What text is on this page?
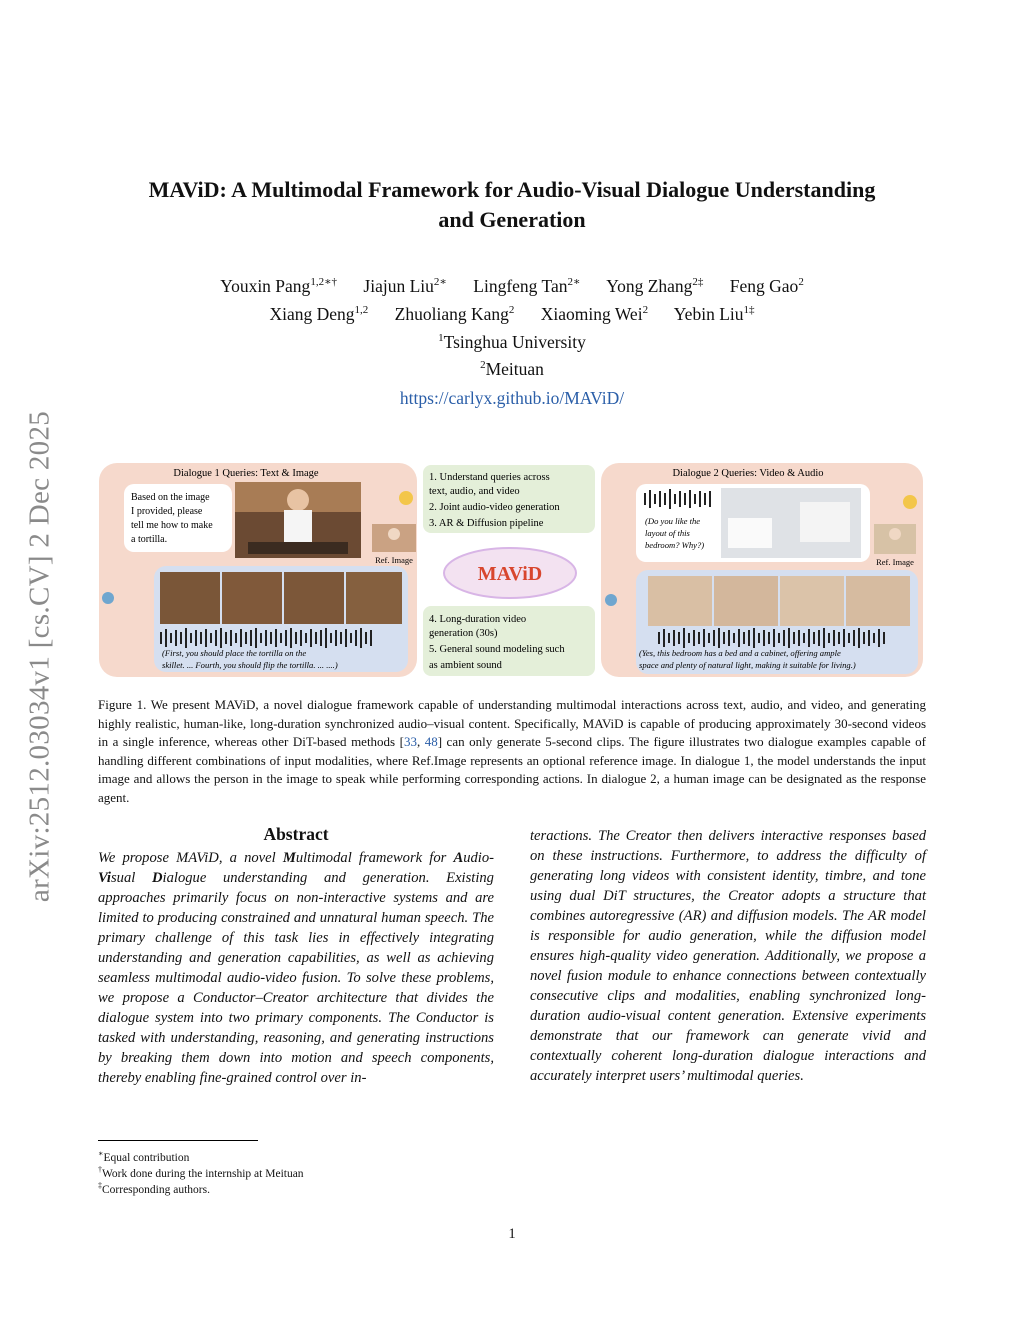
arXiv:2512.03034v1 [cs.CV] 2 Dec 2025
MAViD: A Multimodal Framework for Audio-Visual Dialogue Understanding
and Generation
Youxin Pang$^{1,2∗\dagger}$ Jiajun Liu$^{2∗}$ Lingfeng Tan$^{2∗}$ Yong Zhang$^{2\ddagger}$ Feng Gao$^2$
Xiang Deng$^{1,2}$ Zhuoliang Kang$^2$ Xiaoming Wei$^2$ Yebin Liu$^{1\ddagger}$
$^1$Tsinghua University
$^2$Meituan
https://carlyx.github.io/MAViD/
Dialogue 1 Queries: Text & Image
Based on the image I provided, please tell me how to make a tortilla.
Ref. Image
(First, you should place the tortilla on the skillet. ... Fourth, you should flip the tortilla. ... ....)
1. Understand queries across text, audio, and video 2. Joint audio-video generation 3. AR & Diffusion pipeline
MAViD
4. Long-duration video generation (30s) 5. General sound modeling such as ambient sound
Dialogue 2 Queries: Video & Audio
(Do you like the layout of this bedroom? Why?)
Ref. Image
(Yes, this bedroom has a bed and a cabinet, offering ample space and plenty of natural light, making it suitable for living.)
Figure 1. We present MAViD, a novel dialogue framework capable of understanding multimodal interactions across text, audio, and video, and generating highly realistic, human-like, long-duration synchronized audio–visual content. Specifically, MAViD is capable of producing approximately 30-second videos in a single inference, whereas other DiT-based methods [33, 48] can only generate 5-second clips. The figure illustrates two dialogue examples capable of handling different combinations of input modalities, where Ref.Image represents an optional reference image. In dialogue 1, the model understands the input image and allows the person in the image to speak while performing corresponding actions. In dialogue 2, a human image can be designated as the response agent.
Abstract
We propose MAViD, a novel Multimodal framework for Audio-Visual Dialogue understanding and generation. Existing approaches primarily focus on non-interactive systems and are limited to producing constrained and unnatural human speech. The primary challenge of this task lies in effectively integrating understanding and generation capabilities, as well as achieving seamless multimodal audio-video fusion. To solve these problems, we propose a Conductor–Creator architecture that divides the dialogue system into two primary components. The Conductor is tasked with understanding, reasoning, and generating instructions by breaking them down into motion and speech components, thereby enabling fine-grained control over in-
teractions. The Creator then delivers interactive responses based on these instructions. Furthermore, to address the difficulty of generating long videos with consistent identity, timbre, and tone using dual DiT structures, the Creator adopts a structure that combines autoregressive (AR) and diffusion models. The AR model is responsible for audio generation, while the diffusion model ensures high-quality video generation. Additionally, we propose a novel fusion module to enhance connections between contextually consecutive clips and modalities, enabling synchronized long-duration audio-visual content generation. Extensive experiments demonstrate that our framework can generate vivid and contextually coherent long-duration dialogue interactions and accurately interpret users’ multimodal queries.
∗Equal contribution
†Work done during the internship at Meituan
‡Corresponding authors.
1
